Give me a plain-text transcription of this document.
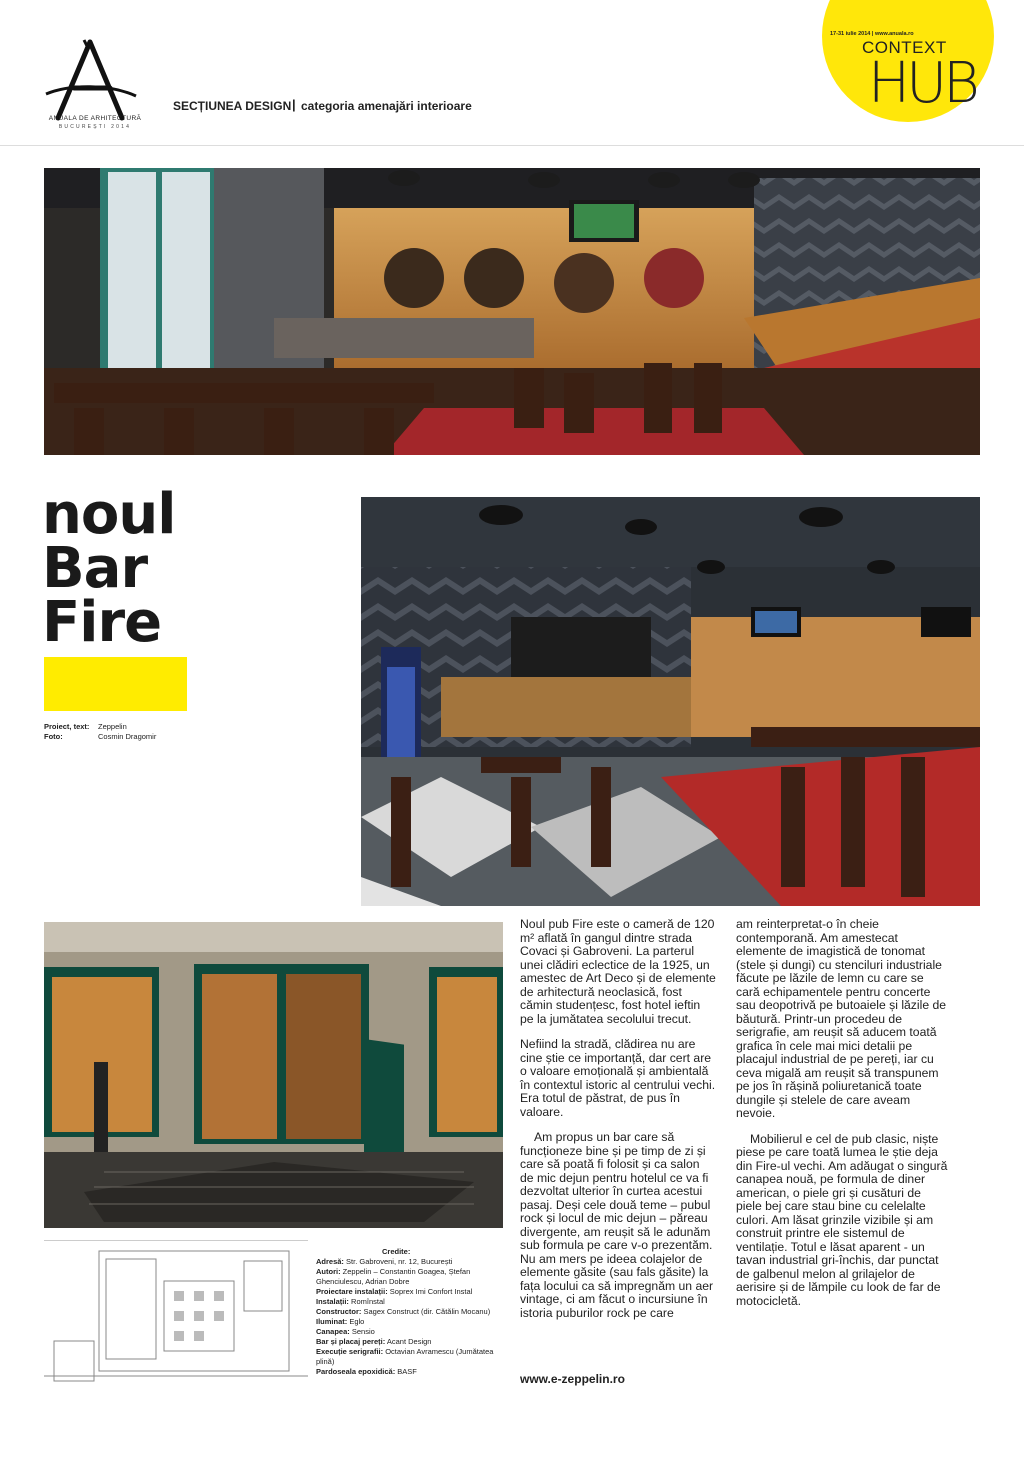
ANUALA DE ARHITECTURĂ
BUCUREȘTI 2014
SECȚIUNEA DESIGN | categoria amenajări interioare
17-31 iulie 2014 | www.anuala.ro
CONTEXT
HUB
noul
Bar
Fire
Proiect, text: Zeppelin
Foto:	Cosmin Dragomir
Credite:
Adresă: Str. Gabroveni, nr. 12, București
Autori: Zeppelin – Constantin Goagea, Ștefan Ghenciulescu, Adrian Dobre
Proiectare instalații: Soprex Imi Confort Instal
Instalații: Romînstal
Constructor: Sagex Construct (dir. Cătălin Mocanu)
Iluminat: Eglo
Canapea: Sensio
Bar și placaj pereți: Acant Design
Execuție serigrafii: Octavian Avramescu (Jumătatea plină)
Pardoseala epoxidică: BASF

Noul pub Fire este o cameră de 120 m² aflată în gangul dintre strada Covaci și Gabroveni. La parterul unei clădiri eclectice de la 1925, un amestec de Art Deco și de elemente de arhitectură neoclasică, fost cămin studențesc, fost hotel ieftin pe la jumătatea secolului trecut.

Nefiind la stradă, clădirea nu are cine știe ce importanță, dar cert are o valoare emoțională și ambientală în contextul istoric al centrului vechi. Era totul de păstrat, de pus în valoare.

Am propus un bar care să funcționeze bine și pe timp de zi și care să poată fi folosit și ca salon de mic dejun pentru hotelul ce va fi dezvoltat ulterior în curtea acestui pasaj. Deși cele două teme – pubul rock și locul de mic dejun – păreau divergente, am reușit să le adunăm sub formula pe care v-o prezentăm. Nu am mers pe ideea colajelor de elemente găsite (sau fals găsite) la fața locului ca să impregnăm un aer vintage, ci am făcut o incursiune în istoria puburilor rock pe care

am reinterpretat-o în cheie contemporană. Am amestecat elemente de imagistică de tonomat (stele și dungi) cu stenciluri industriale făcute pe lăzile de lemn cu care se cară echipamentele pentru concerte sau deopotrivă pe butoaiele și lăzile de băutură. Printr-un procedeu de serigrafie, am reușit să aducem toată grafica în cele mai mici detalii pe placajul industrial de pe pereți, iar cu ceva migală am reușit să transpunem pe jos în rășină poliuretanică toate dungile și stelele de care aveam nevoie.

Mobilierul e cel de pub clasic, niște piese pe care toată lumea le știe deja din Fire-ul vechi. Am adăugat o singură canapea nouă, pe formula de diner american, o piele gri și cusături de piele bej care stau bine cu celelalte culori. Am lăsat grinzile vizibile și am construit printre ele sistemul de ventilație. Totul e lăsat aparent - un tavan industrial gri-închis, dar punctat de galbenul melon al grilajelor de aerisire și de lămpile cu look de far de motocicletă.

www.e-zeppelin.ro
